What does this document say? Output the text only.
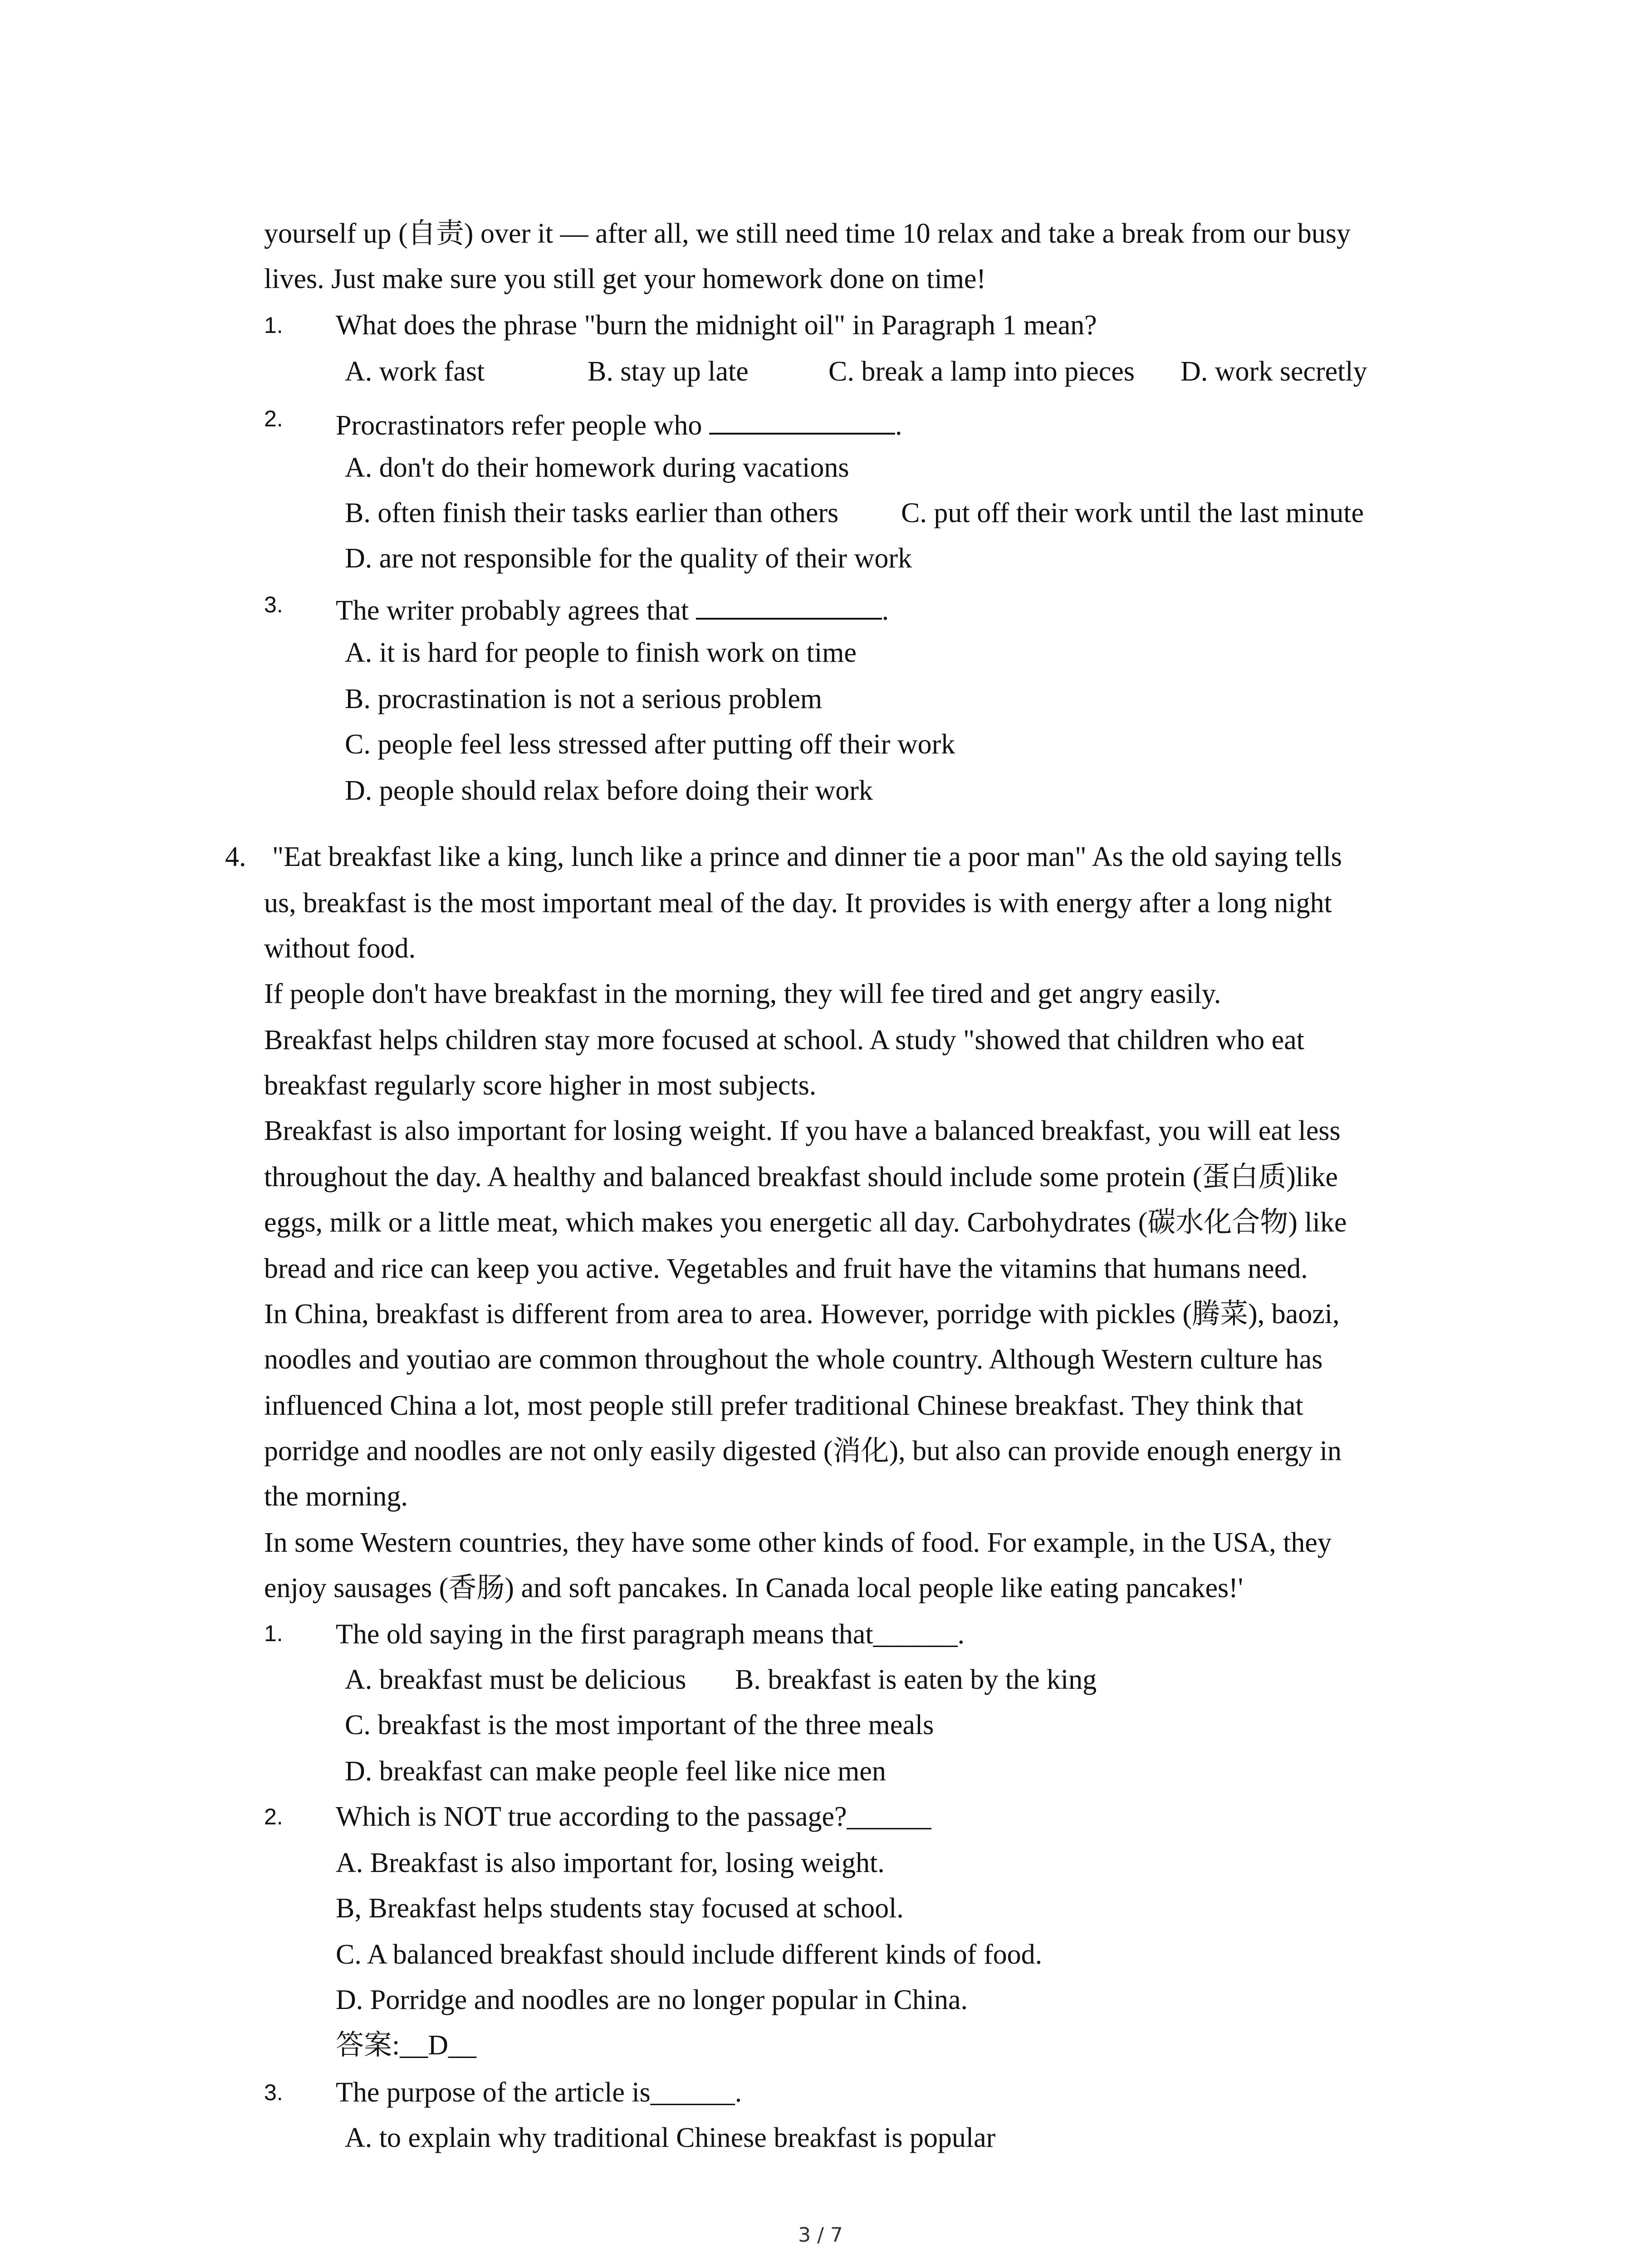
yourself up (自责) over it — after all, we still need time 10 relax and take a break from our busy
lives. Just make sure you still get your homework done on time!
1. What does the phrase "burn the midnight oil" in Paragraph 1 mean?
A. work fast	B. stay up late	C. break a lamp into pieces D. work secretly
2. Procrastinators refer people who	.
A. don't do their homework during vacations
B. often finish their tasks earlier than others C. put off their work until the last minute
D. are not responsible for the quality of their work
3. The writer probably agrees that	.
A. it is hard for people to finish work on time
B. procrastination is not a serious problem
C. people feel less stressed after putting off their work
D. people should relax before doing their work
4. "Eat breakfast like a king, lunch like a prince and dinner tie a poor man" As the old saying tells
us, breakfast is the most important meal of the day. It provides is with energy after a long night
without food.
If people don't have breakfast in the morning, they will fee tired and get angry easily.
Breakfast helps children stay more focused at school. A study "showed that children who eat
breakfast regularly score higher in most subjects.
Breakfast is also important for losing weight. If you have a balanced breakfast, you will eat less
throughout the day. A healthy and balanced breakfast should include some protein (蛋白质)like
eggs, milk or a little meat, which makes you energetic all day. Carbohydrates (碳水化合物) like
bread and rice can keep you active. Vegetables and fruit have the vitamins that humans need.
In China, breakfast is different from area to area. However, porridge with pickles (腾菜), baozi,
noodles and youtiao are common throughout the whole country. Although Western culture has
influenced China a lot, most people still prefer traditional Chinese breakfast. They think that
porridge and noodles are not only easily digested (消化), but also can provide enough energy in
the morning.
In some Western countries, they have some other kinds of food. For example, in the USA, they
enjoy sausages (香肠) and soft pancakes. In Canada local people like eating pancakes!'
1. The old saying in the first paragraph means that______.
A. breakfast must be delicious B. breakfast is eaten by the king
C. breakfast is the most important of the three meals
D. breakfast can make people feel like nice men
2. Which is NOT true according to the passage?______
A. Breakfast is also important for, losing weight.
B, Breakfast helps students stay focused at school.
C. A balanced breakfast should include different kinds of food.
D. Porridge and noodles are no longer popular in China.
答案:__D__
3. The purpose of the article is______.
A. to explain why traditional Chinese breakfast is popular
3 / 7
